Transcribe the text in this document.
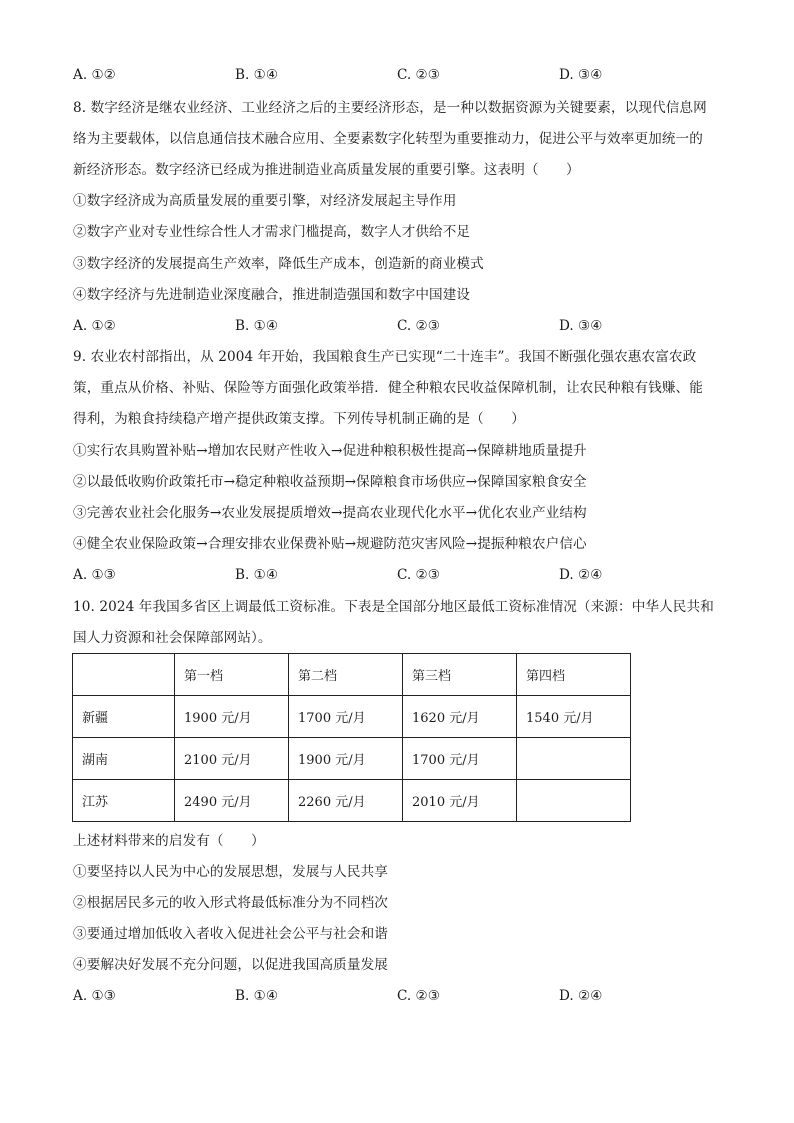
A. ①②	B. ①④	C. ②③	D. ③④
8. 数字经济是继农业经济、工业经济之后的主要经济形态，是一种以数据资源为关键要素，以现代信息网
络为主要载体，以信息通信技术融合应用、全要素数字化转型为重要推动力，促进公平与效率更加统一的
新经济形态。数字经济已经成为推进制造业高质量发展的重要引擎。这表明（　　）
①数字经济成为高质量发展的重要引擎，对经济发展起主导作用
②数字产业对专业性综合性人才需求门槛提高，数字人才供给不足
③数字经济的发展提高生产效率，降低生产成本，创造新的商业模式
④数字经济与先进制造业深度融合，推进制造强国和数字中国建设
A. ①②	B. ①④	C. ②③	D. ③④
9. 农业农村部指出，从 2004 年开始，我国粮食生产已实现“二十连丰”。我国不断强化强农惠农富农政
策，重点从价格、补贴、保险等方面强化政策举措．健全种粮农民收益保障机制，让农民种粮有钱赚、能
得利，为粮食持续稳产增产提供政策支撑。下列传导机制正确的是（　　）
①实行农具购置补贴→增加农民财产性收入→促进种粮积极性提高→保障耕地质量提升
②以最低收购价政策托市→稳定种粮收益预期→保障粮食市场供应→保障国家粮食安全
③完善农业社会化服务→农业发展提质增效→提高农业现代化水平→优化农业产业结构
④健全农业保险政策→合理安排农业保费补贴→规避防范灾害风险→提振种粮农户信心
A. ①③	B. ①④	C. ②③	D. ②④
10. 2024 年我国多省区上调最低工资标准。下表是全国部分地区最低工资标准情况（来源：中华人民共和
国人力资源和社会保障部网站）。
	第一档	第二档	第三档	第四档
新疆	1900 元/月	1700 元/月	1620 元/月	1540 元/月
湖南	2100 元/月	1900 元/月	1700 元/月	
江苏	2490 元/月	2260 元/月	2010 元/月	
上述材料带来的启发有（　　）
①要坚持以人民为中心的发展思想，发展与人民共享
②根据居民多元的收入形式将最低标准分为不同档次
③要通过增加低收入者收入促进社会公平与社会和谐
④要解决好发展不充分问题，以促进我国高质量发展
A. ①③	B. ①④	C. ②③	D. ②④
